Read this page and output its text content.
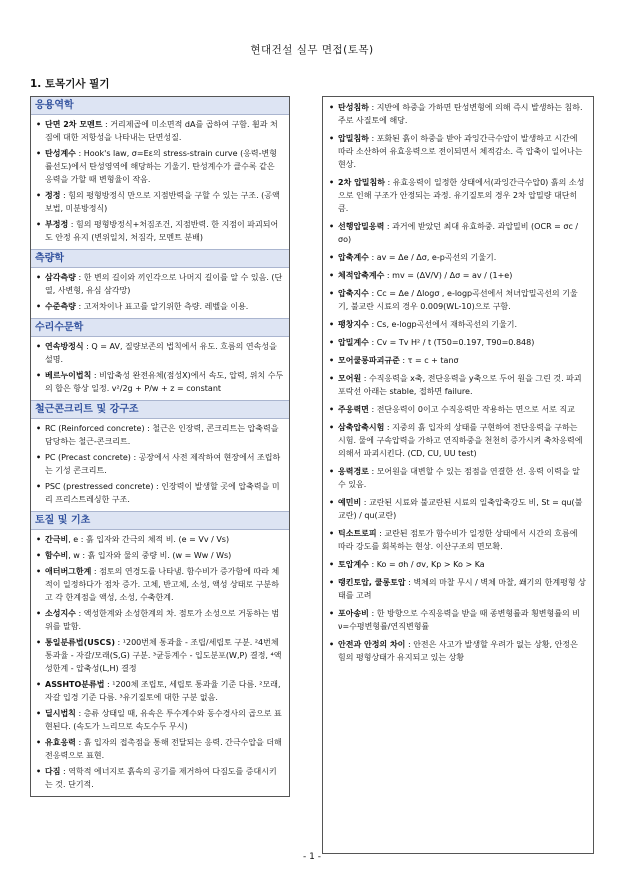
현대건설 실무 면접(토목)
1. 토목기사 필기
응용역학
• 단면 2차 모멘트 : 거리제곱에 미소면적 dA를 곱하여 구함. 휨과 처짐에 대한 저항성을 나타내는 단면성질.
• 탄성계수 : Hook's law, σ=Eε의 stress-strain curve (응력-변형률선도)에서 탄성영역에 해당하는 기울기. 탄성계수가 클수록 같은 응력을 가할 때 변형율이 작음.
• 정정 : 힘의 평형방정식 만으로 지점반력을 구할 수 있는 구조. (공액보법, 미분방정식)
• 부정정 : 힘의 평형방정식+처짐조건, 지점반력. 한 지점이 파괴되어도 안정 유지 (변위일치, 처짐각, 모멘트 분배)
측량학
• 삼각측량 : 한 변의 길이와 끼인각으로 나머지 길이를 알 수 있음. (단열, 사변형, 유심 삼각망)
• 수준측량 : 고저차이나 표고를 알기위한 측량. 레벨을 이용.
수리수문학
• 연속방정식 : Q = AV, 질량보존의 법칙에서 유도. 흐름의 연속성을 설명.
• 베르누이법칙 : 비압축성 완전유체(점성X)에서 속도, 압력, 위치 수두의 합은 항상 일정. v²/2g + P/w + z = constant
철근콘크리트 및 강구조
• RC (Reinforced concrete) : 철근은 인장력, 콘크리트는 압축력을 담당하는 철근-콘크리트.
• PC (Precast concrete) : 공장에서 사전 제작하여 현장에서 조립하는 기성 콘크리트.
• PSC (prestressed concrete) : 인장력이 발생할 곳에 압축력을 미리 프리스트레싱한 구조.
토질 및 기초
• 간극비, e : 흙 입자와 간극의 체적 비. (e = Vv / Vs)
• 함수비, w : 흙 입자와 물의 중량 비. (w = Ww / Ws)
• 애터버그한계 : 점토의 연경도를 나타냄. 함수비가 증가함에 따라 체적이 일정하다가 점차 증가. 고체, 반고체, 소성, 액성 상태로 구분하고 각 한계점을 액성, 소성, 수축한계.
• 소성지수 : 액성한계와 소성한계의 차. 점토가 소성으로 거동하는 범위를 말함.
• 통일분류법(USCS) : ¹200번체 통과율 - 조립/세립토 구분. ²4번체 통과율 - 자갈/모래(S,G) 구분. ³균등계수 - 입도분포(W,P) 결정, ⁴액성한계 - 압축성(L,H) 결정
• ASSHTO분류법 : ¹200체 조립토, 세립토 통과율 기준 다름. ²모래, 자갈 입경 기준 다름. ³유기질토에 대한 구분 없음.
• 딜시법칙 : 층류 상태일 때, 유속은 투수계수와 동수경사의 곱으로 표현된다. (속도가 느리므로 속도수두 무시)
• 유효응력 : 흙 입자의 접촉점을 통해 전달되는 응력. 간극수압을 더해 전응력으로 표현.
• 다짐 : 역학적 에너지로 흙속의 공기를 제거하여 다짐도를 증대시키는 것. 단기적.
• 탄성침하 : 지반에 하중을 가하면 탄성변형에 의해 즉시 발생하는 침하. 주로 사질토에 해당.
• 압밀침하 : 포화된 흙이 하중을 받아 과잉간극수압이 발생하고 시간에 따라 소산하여 유효응력으로 전이되면서 체적감소. 즉 압축이 일어나는 현상.
• 2차 압밀침하 : 유효응력이 일정한 상태에서(과잉간극수압0) 흙의 소성으로 인해 구조가 안정되는 과정. 유기질토의 경우 2차 압밀량 대단히 큼.
• 선행압밀응력 : 과거에 받았던 최대 유효하중. 과압밀비 (OCR = σc / σo)
• 압축계수 : av = Δe / Δσ, e-p곡선의 기울기.
• 체적압축계수 : mv = (ΔV/V) / Δσ = av / (1+e)
• 압축지수 : Cc = Δe / Δlogσ , e-logp곡선에서 처녀압밀곡선의 기울기, 불교란 시료의 경우 0.009(WL-10)으로 구함.
• 팽창지수 : Cs, e-logp곡선에서 재하곡선의 기울기.
• 압밀계수 : Cv = Tv H² / t (T50=0.197, T90=0.848)
• 모어쿨롱파괴규준 : τ = c + tanσ
• 모어원 : 수직응력을 x축, 전단응력을 y축으로 두어 원을 그린 것. 파괴포락선 아래는 stable, 접하면 failure.
• 주응력면 : 전단응력이 0이고 수직응력만 작용하는 면으로 서로 직교
• 삼축압축시험 : 지중의 흙 입자의 상태를 구현하여 전단응력을 구하는 시험. 물에 구속압력을 가하고 연직하중을 천천히 증가시켜 축차응력에 의해서 파괴시킨다. (CD, CU, UU test)
• 응력경로 : 모어원을 대변할 수 있는 점점을 연결한 선. 응력 이력을 알 수 있음.
• 예민비 : 교란된 시료와 불교란된 시료의 일축압축강도 비, St = qu(불교란) / qu(교란)
• 틱소트로피 : 교란된 점토가 함수비가 일정한 상태에서 시간의 흐름에 따라 강도를 회복하는 현상. 이산구조의 면모확.
• 토압계수 : Ko = σh / σv, Kp > Ko > Ka
• 랭킨토압, 쿨롱토압 : 벽체의 마찰 무시 / 벽체 마찰, 쐐기의 한계평형 상태를 고려
• 포아송비 : 한 방향으로 수직응력을 받을 때 종변형률과 횡변형률의 비 ν=수평변형률/연직변형률
• 안전과 안정의 차이 : 안전은 사고가 발생할 우려가 없는 상황, 안정은 힘의 평형상태가 유지되고 있는 상황
- 1 -
